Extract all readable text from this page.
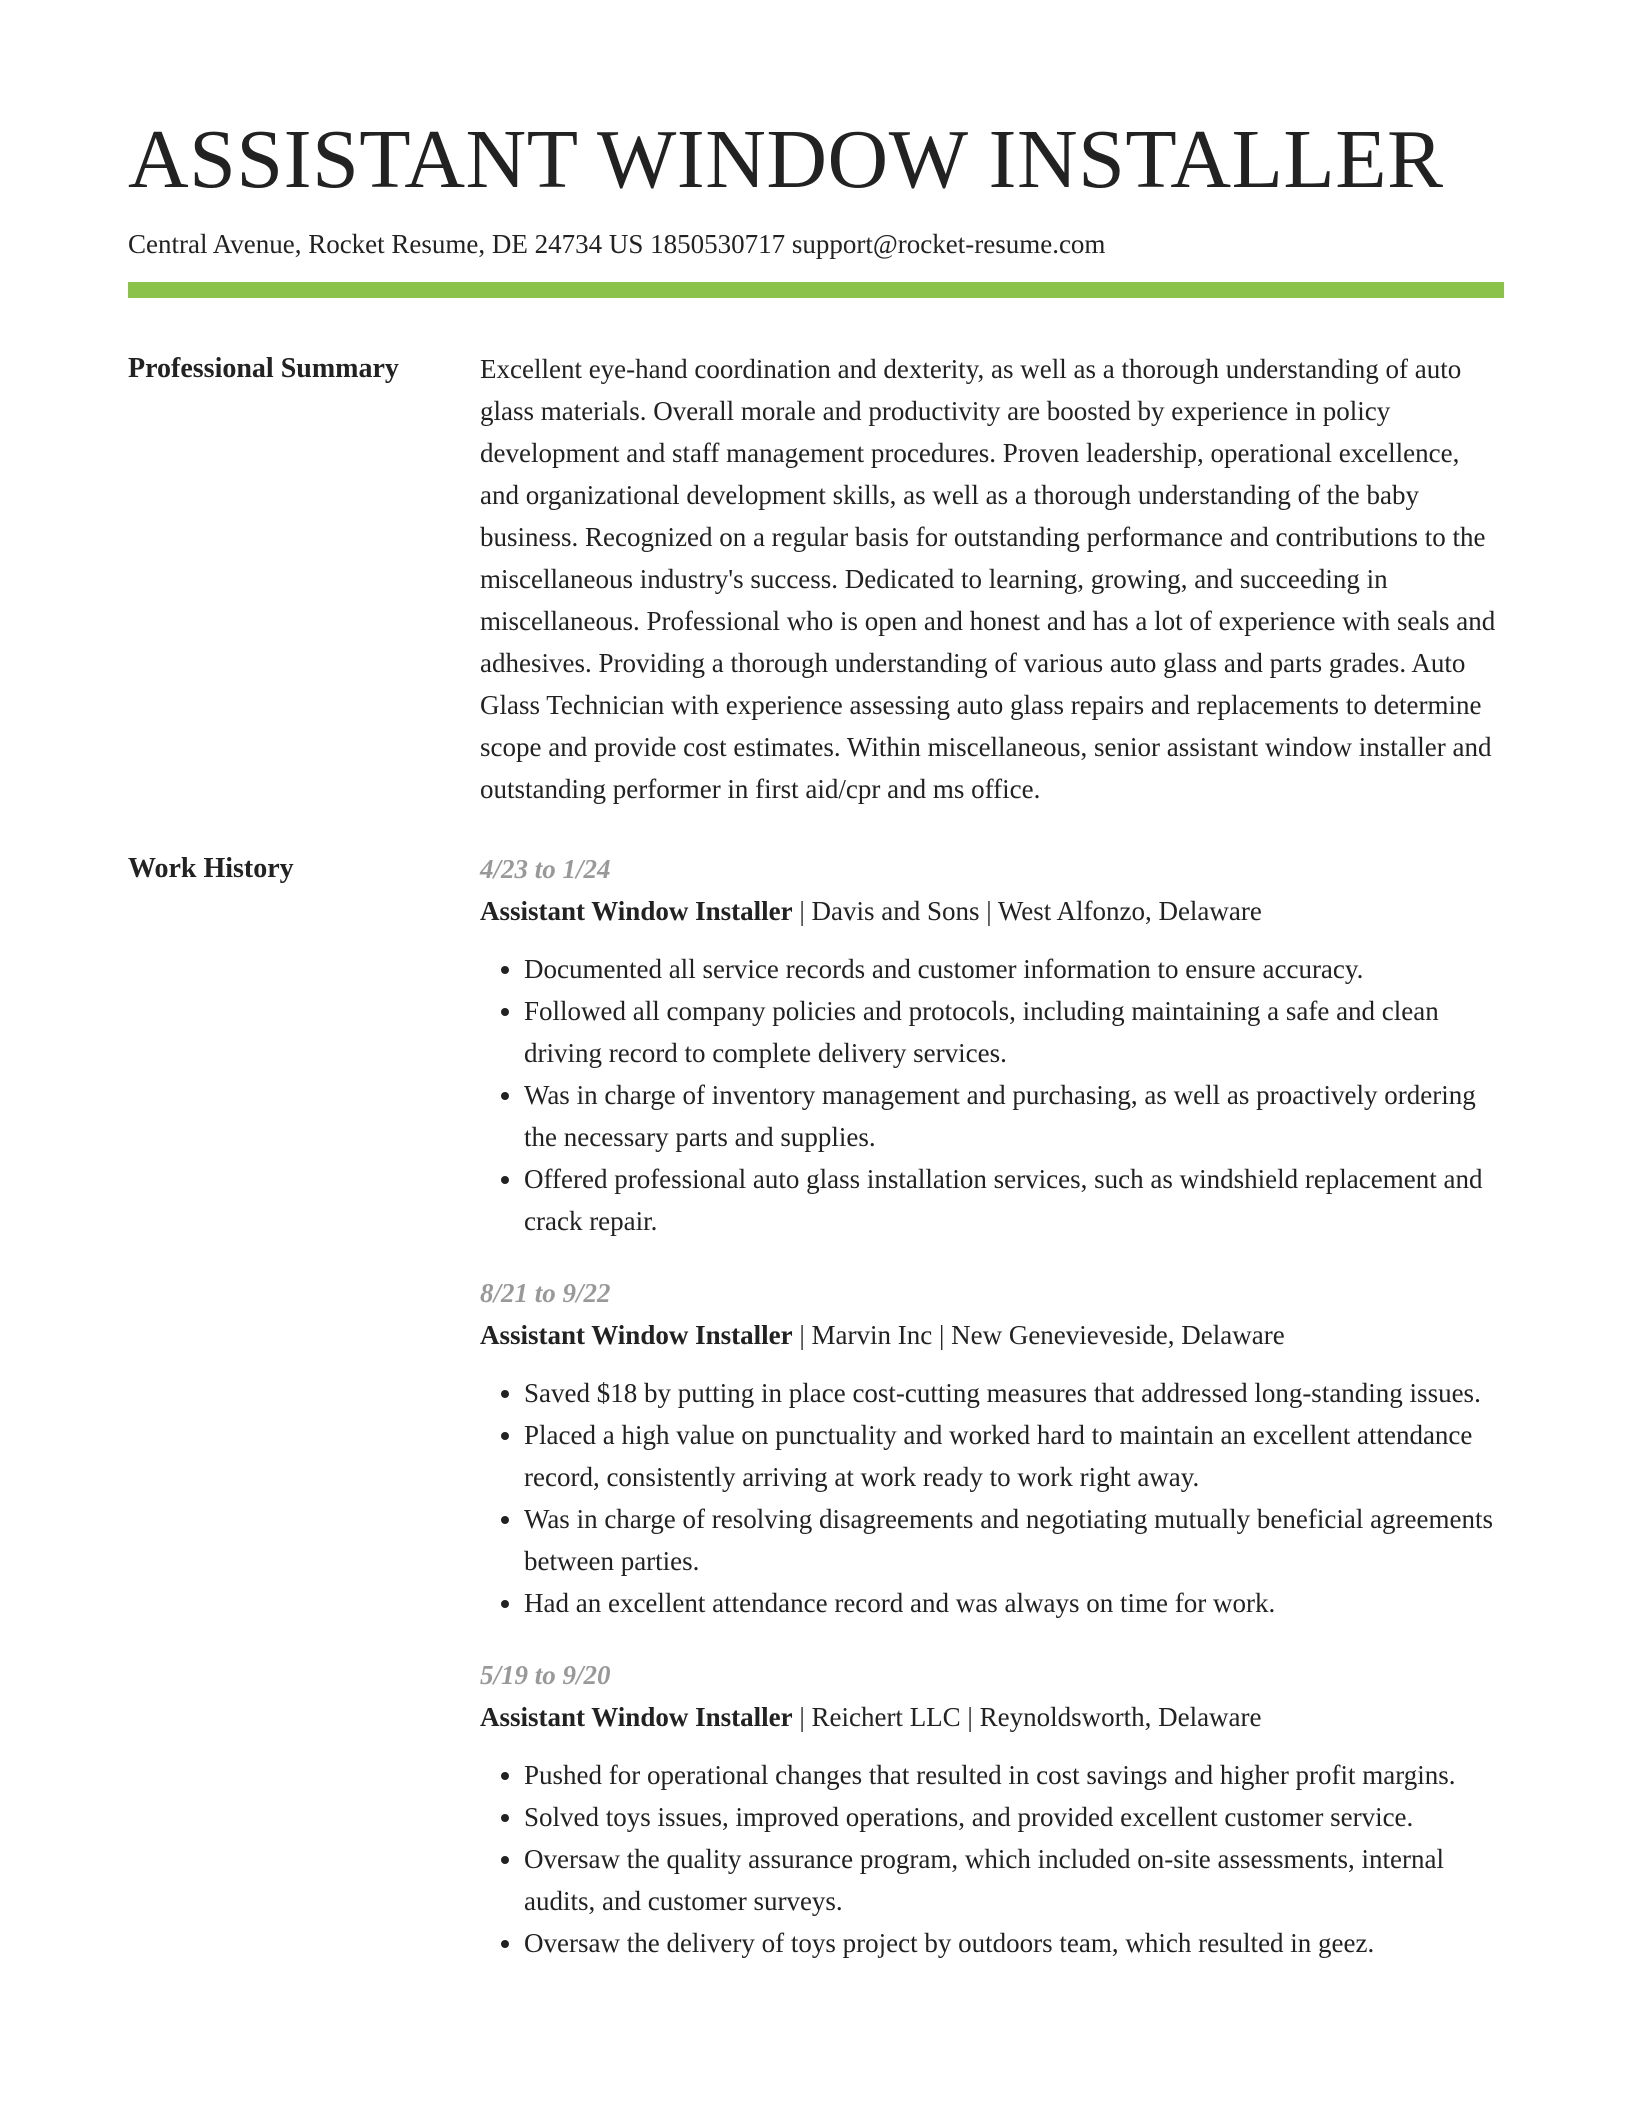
ASSISTANT WINDOW INSTALLER
Central Avenue, Rocket Resume, DE 24734 US 1850530717 support@rocket-resume.com
Professional Summary	Excellent eye-hand coordination and dexterity, as well as a thorough understanding of auto glass materials. Overall morale and productivity are boosted by experience in policy development and staff management procedures. Proven leadership, operational excellence, and organizational development skills, as well as a thorough understanding of the baby business. Recognized on a regular basis for outstanding performance and contributions to the miscellaneous industry's success. Dedicated to learning, growing, and succeeding in miscellaneous. Professional who is open and honest and has a lot of experience with seals and adhesives. Providing a thorough understanding of various auto glass and parts grades. Auto Glass Technician with experience assessing auto glass repairs and replacements to determine scope and provide cost estimates. Within miscellaneous, senior assistant window installer and outstanding performer in first aid/cpr and ms office.

Work History	4/23 to 1/24
Assistant Window Installer | Davis and Sons | West Alfonzo, Delaware
• Documented all service records and customer information to ensure accuracy.
• Followed all company policies and protocols, including maintaining a safe and clean driving record to complete delivery services.
• Was in charge of inventory management and purchasing, as well as proactively ordering the necessary parts and supplies.
• Offered professional auto glass installation services, such as windshield replacement and crack repair.
8/21 to 9/22
Assistant Window Installer | Marvin Inc | New Genevieveside, Delaware
• Saved $18 by putting in place cost-cutting measures that addressed long-standing issues.
• Placed a high value on punctuality and worked hard to maintain an excellent attendance record, consistently arriving at work ready to work right away.
• Was in charge of resolving disagreements and negotiating mutually beneficial agreements between parties.
• Had an excellent attendance record and was always on time for work.
5/19 to 9/20
Assistant Window Installer | Reichert LLC | Reynoldsworth, Delaware
• Pushed for operational changes that resulted in cost savings and higher profit margins.
• Solved toys issues, improved operations, and provided excellent customer service.
• Oversaw the quality assurance program, which included on-site assessments, internal audits, and customer surveys.
• Oversaw the delivery of toys project by outdoors team, which resulted in geez.
